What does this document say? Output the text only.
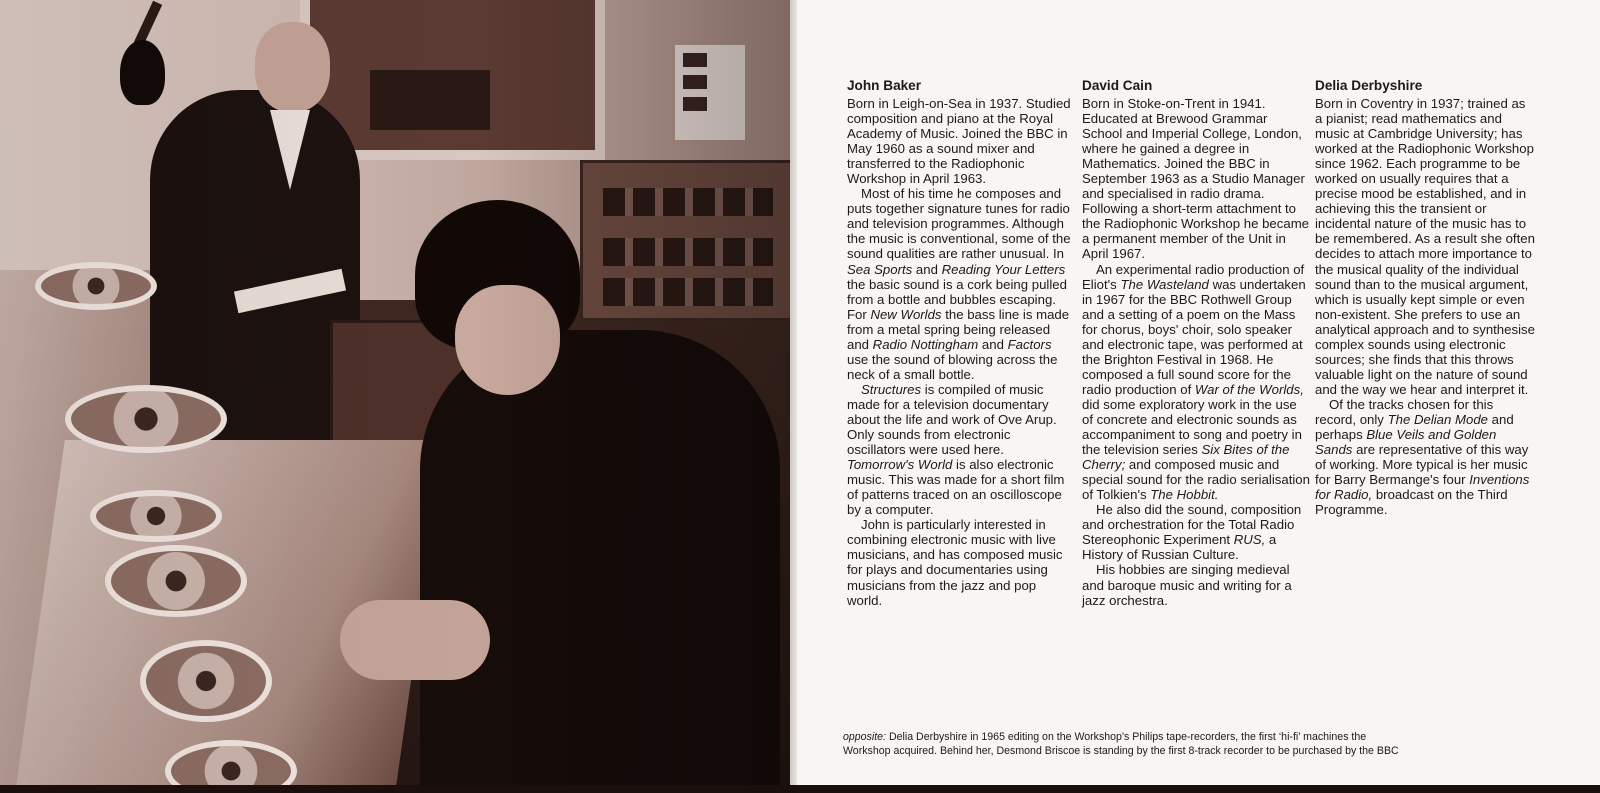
John Baker

Born in Leigh-on-Sea in 1937. Studied composition and piano at the Royal Academy of Music. Joined the BBC in May 1960 as a sound mixer and transferred to the Radiophonic Workshop in April 1963.

Most of his time he composes and puts together signature tunes for radio and television programmes. Although the music is conventional, some of the sound qualities are rather unusual. In Sea Sports and Reading Your Letters the basic sound is a cork being pulled from a bottle and bubbles escaping. For New Worlds the bass line is made from a metal spring being released and Radio Nottingham and Factors use the sound of blowing across the neck of a small bottle.

Structures is compiled of music made for a television documentary about the life and work of Ove Arup. Only sounds from electronic oscillators were used here. Tomorrow's World is also electronic music. This was made for a short film of patterns traced on an oscilloscope by a computer.

John is particularly interested in combining electronic music with live musicians, and has composed music for plays and documentaries using musicians from the jazz and pop world.

David Cain

Born in Stoke-on-Trent in 1941. Educated at Brewood Grammar School and Imperial College, London, where he gained a degree in Mathematics. Joined the BBC in September 1963 as a Studio Manager and specialised in radio drama. Following a short-term attachment to the Radiophonic Workshop he became a permanent member of the Unit in April 1967.

An experimental radio production of Eliot's The Wasteland was undertaken in 1967 for the BBC Rothwell Group and a setting of a poem on the Mass for chorus, boys' choir, solo speaker and electronic tape, was performed at the Brighton Festival in 1968. He composed a full sound score for the radio production of War of the Worlds, did some exploratory work in the use of concrete and electronic sounds as accompaniment to song and poetry in the television series Six Bites of the Cherry; and composed music and special sound for the radio serialisation of Tolkien's The Hobbit.

He also did the sound, composition and orchestration for the Total Radio Stereophonic Experiment RUS, a History of Russian Culture.

His hobbies are singing medieval and baroque music and writing for a jazz orchestra.

Delia Derbyshire

Born in Coventry in 1937; trained as a pianist; read mathematics and music at Cambridge University; has worked at the Radiophonic Workshop since 1962. Each programme to be worked on usually requires that a precise mood be established, and in achieving this the transient or incidental nature of the music has to be remembered. As a result she often decides to attach more importance to the musical quality of the individual sound than to the musical argument, which is usually kept simple or even non-existent. She prefers to use an analytical approach and to synthesise complex sounds using electronic sources; she finds that this throws valuable light on the nature of sound and the way we hear and interpret it.

Of the tracks chosen for this record, only The Delian Mode and perhaps Blue Veils and Golden Sands are representative of this way of working. More typical is her music for Barry Bermange's four Inventions for Radio, broadcast on the Third Programme.

opposite: Delia Derbyshire in 1965 editing on the Workshop's Philips tape-recorders, the first ‘hi-fi’ machines the
Workshop acquired. Behind her, Desmond Briscoe is standing by the first 8-track recorder to be purchased by the BBC
